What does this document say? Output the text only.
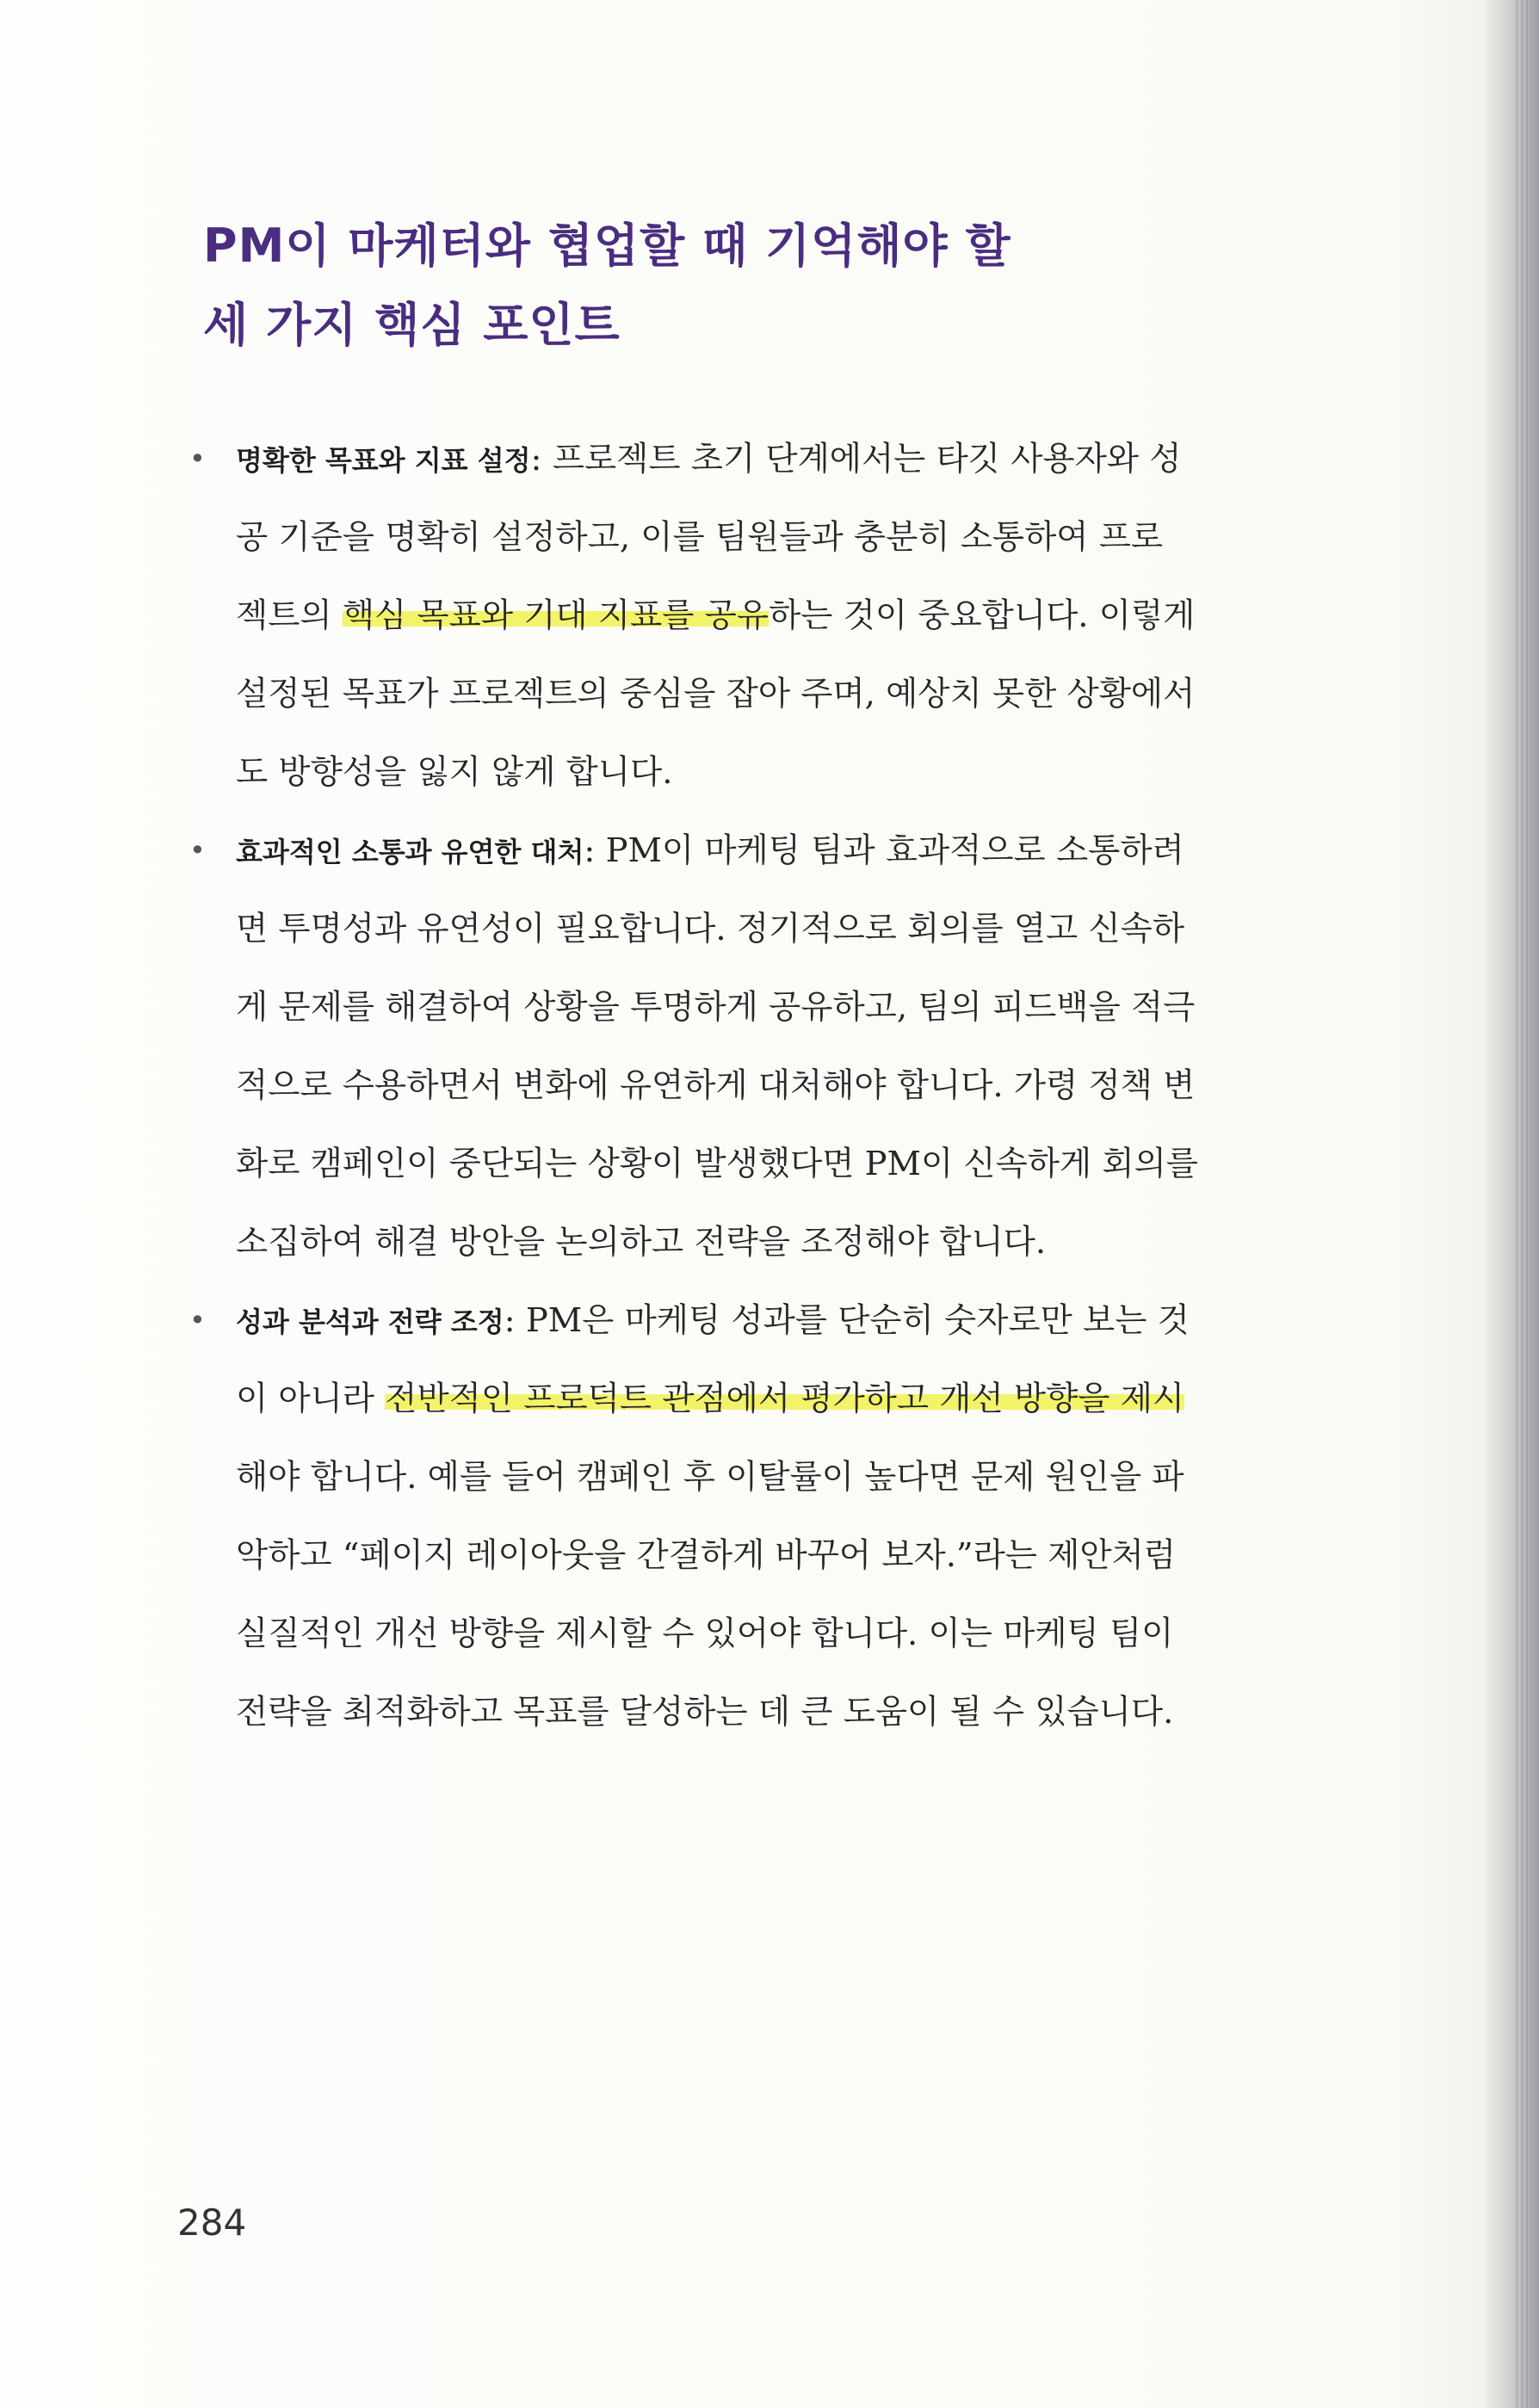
PM이 마케터와 협업할 때 기억해야 할
세 가지 핵심 포인트
• 명확한 목표와 지표 설정: 프로젝트 초기 단계에서는 타깃 사용자와 성
공 기준을 명확히 설정하고, 이를 팀원들과 충분히 소통하여 프로
젝트의 핵심 목표와 기대 지표를 공유하는 것이 중요합니다. 이렇게
설정된 목표가 프로젝트의 중심을 잡아 주며, 예상치 못한 상황에서
도 방향성을 잃지 않게 합니다.
• 효과적인 소통과 유연한 대처: PM이 마케팅 팀과 효과적으로 소통하려
면 투명성과 유연성이 필요합니다. 정기적으로 회의를 열고 신속하
게 문제를 해결하여 상황을 투명하게 공유하고, 팀의 피드백을 적극
적으로 수용하면서 변화에 유연하게 대처해야 합니다. 가령 정책 변
화로 캠페인이 중단되는 상황이 발생했다면 PM이 신속하게 회의를
소집하여 해결 방안을 논의하고 전략을 조정해야 합니다.
• 성과 분석과 전략 조정: PM은 마케팅 성과를 단순히 숫자로만 보는 것
이 아니라 전반적인 프로덕트 관점에서 평가하고 개선 방향을 제시
해야 합니다. 예를 들어 캠페인 후 이탈률이 높다면 문제 원인을 파
악하고 “페이지 레이아웃을 간결하게 바꾸어 보자.”라는 제안처럼
실질적인 개선 방향을 제시할 수 있어야 합니다. 이는 마케팅 팀이
전략을 최적화하고 목표를 달성하는 데 큰 도움이 될 수 있습니다.
284
